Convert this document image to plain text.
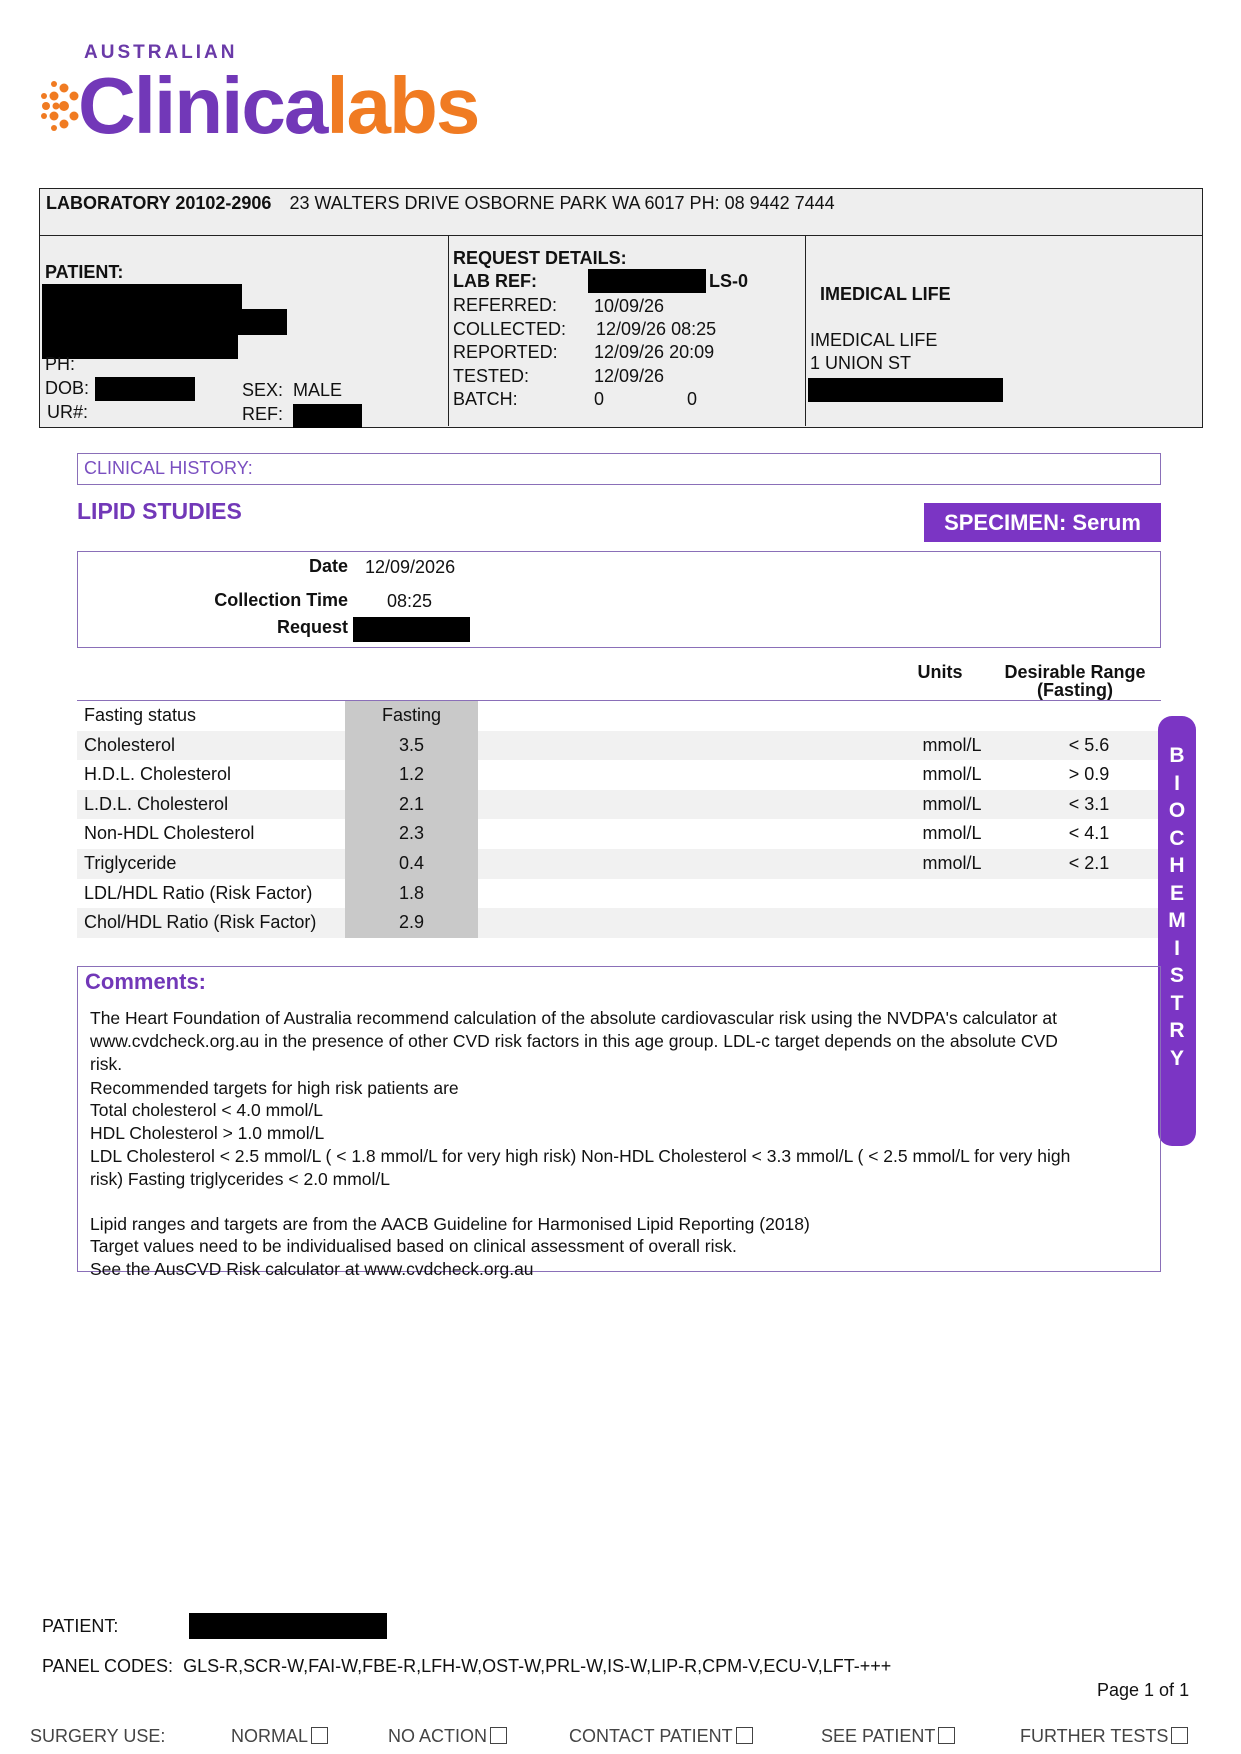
AUSTRALIAN
Clinicalabs
LABORATORY 20102-2906 23 WALTERS DRIVE OSBORNE PARK WA 6017 PH: 08 9442 7444
PATIENT:
PH:
DOB:	SEX: MALE
UR#:	REF:
REQUEST DETAILS:
LAB REF:	LS-0
REFERRED: 10/09/26
COLLECTED: 12/09/26 08:25
REPORTED: 12/09/26 20:09
TESTED:	12/09/26
BATCH:	0	0
IMEDICAL LIFE
IMEDICAL LIFE
1 UNION ST
CLINICAL HISTORY:
LIPID STUDIES	SPECIMEN: Serum
Date 12/09/2026
Collection Time 08:25
Request
Units	Desirable Range
(Fasting)
Fasting status	Fasting
Cholesterol	3.5	mmol/L	< 5.6
H.D.L. Cholesterol	1.2	mmol/L	> 0.9
L.D.L. Cholesterol	2.1	mmol/L	< 3.1
Non-HDL Cholesterol	2.3	mmol/L	< 4.1
Triglyceride	0.4	mmol/L	< 2.1
LDL/HDL Ratio (Risk Factor)	1.8
Chol/HDL Ratio (Risk Factor)	2.9
B
I
O
C
H
E
M
I
S
T
R
Y
Comments:
The Heart Foundation of Australia recommend calculation of the absolute cardiovascular risk using the NVDPA's calculator at
www.cvdcheck.org.au in the presence of other CVD risk factors in this age group. LDL-c target depends on the absolute CVD
risk.
Recommended targets for high risk patients are
Total cholesterol < 4.0 mmol/L
HDL Cholesterol > 1.0 mmol/L
LDL Cholesterol < 2.5 mmol/L ( < 1.8 mmol/L for very high risk) Non-HDL Cholesterol < 3.3 mmol/L ( < 2.5 mmol/L for very high
risk) Fasting triglycerides < 2.0 mmol/L
Lipid ranges and targets are from the AACB Guideline for Harmonised Lipid Reporting (2018)
Target values need to be individualised based on clinical assessment of overall risk.
See the AusCVD Risk calculator at www.cvdcheck.org.au
PATIENT:
PANEL CODES: GLS-R,SCR-W,FAI-W,FBE-R,LFH-W,OST-W,PRL-W,IS-W,LIP-R,CPM-V,ECU-V,LFT-+++
Page 1 of 1
SURGERY USE:	NORMAL	NO ACTION	CONTACT PATIENT	SEE PATIENT	FURTHER TESTS
